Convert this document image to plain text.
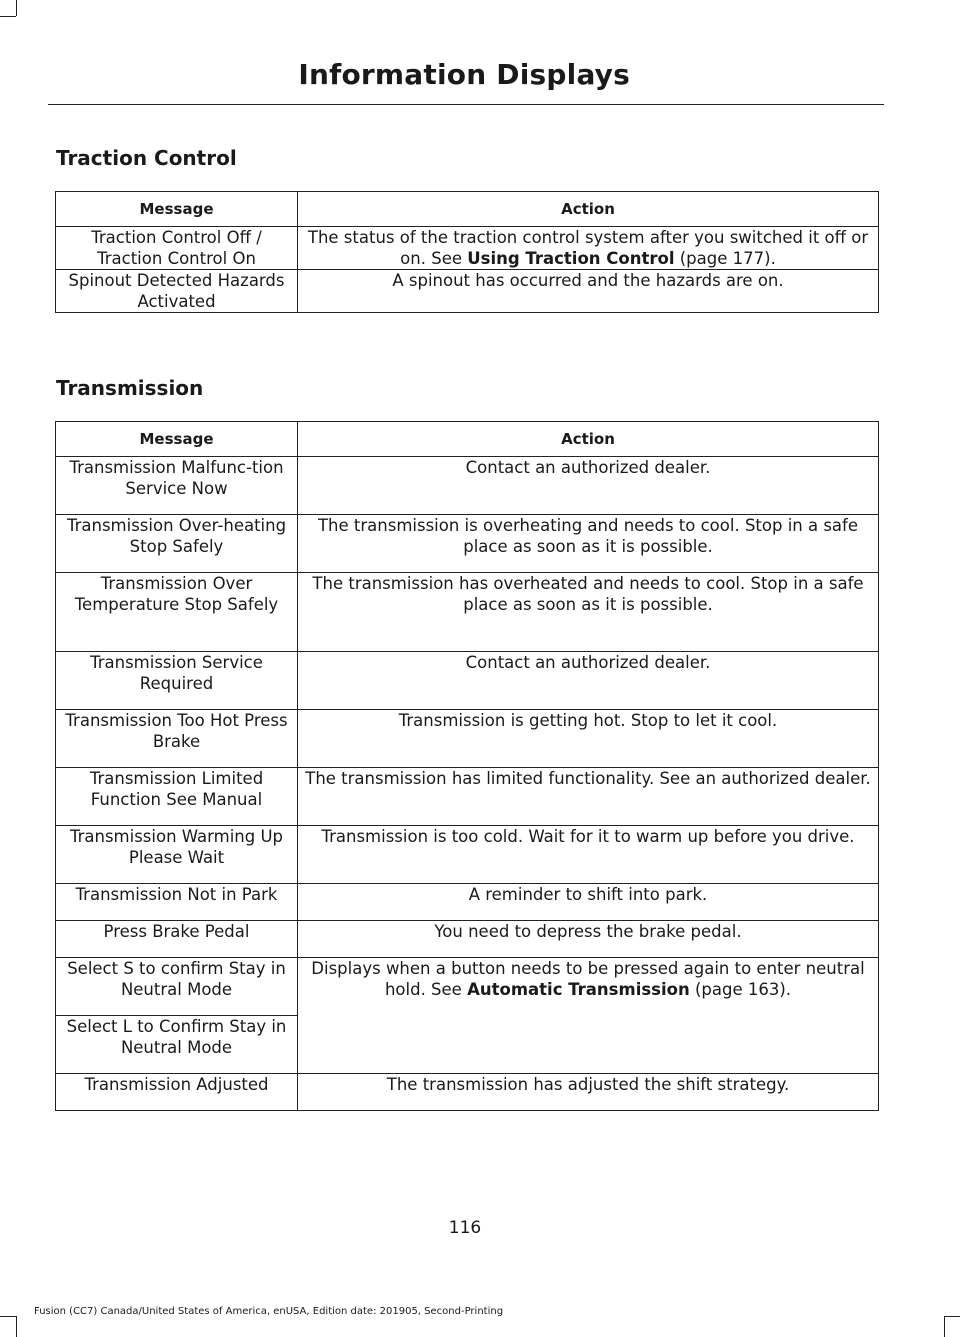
Information Displays
Traction Control
Message	Action
Traction Control Off / Traction Control On	The status of the traction control system after you switched it off or on. See Using Traction Control (page 177).
Spinout Detected Hazards Activated	A spinout has occurred and the hazards are on.
Transmission
Message	Action
Transmission Malfunc-tion Service Now	Contact an authorized dealer.
Transmission Over-heating Stop Safely	The transmission is overheating and needs to cool. Stop in a safe place as soon as it is possible.
Transmission Over Temperature Stop Safely	The transmission has overheated and needs to cool. Stop in a safe place as soon as it is possible.
Transmission Service Required	Contact an authorized dealer.
Transmission Too Hot Press Brake	Transmission is getting hot. Stop to let it cool.
Transmission Limited Function See Manual	The transmission has limited functionality. See an authorized dealer.
Transmission Warming Up Please Wait	Transmission is too cold. Wait for it to warm up before you drive.
Transmission Not in Park	A reminder to shift into park.
Press Brake Pedal	You need to depress the brake pedal.
Select S to confirm Stay in Neutral Mode	Displays when a button needs to be pressed again to enter neutral hold. See Automatic Transmission (page 163).
Select L to Confirm Stay in Neutral Mode	
Transmission Adjusted	The transmission has adjusted the shift strategy.
116
Fusion (CC7) Canada/United States of America, enUSA, Edition date: 201905, Second-Printing
